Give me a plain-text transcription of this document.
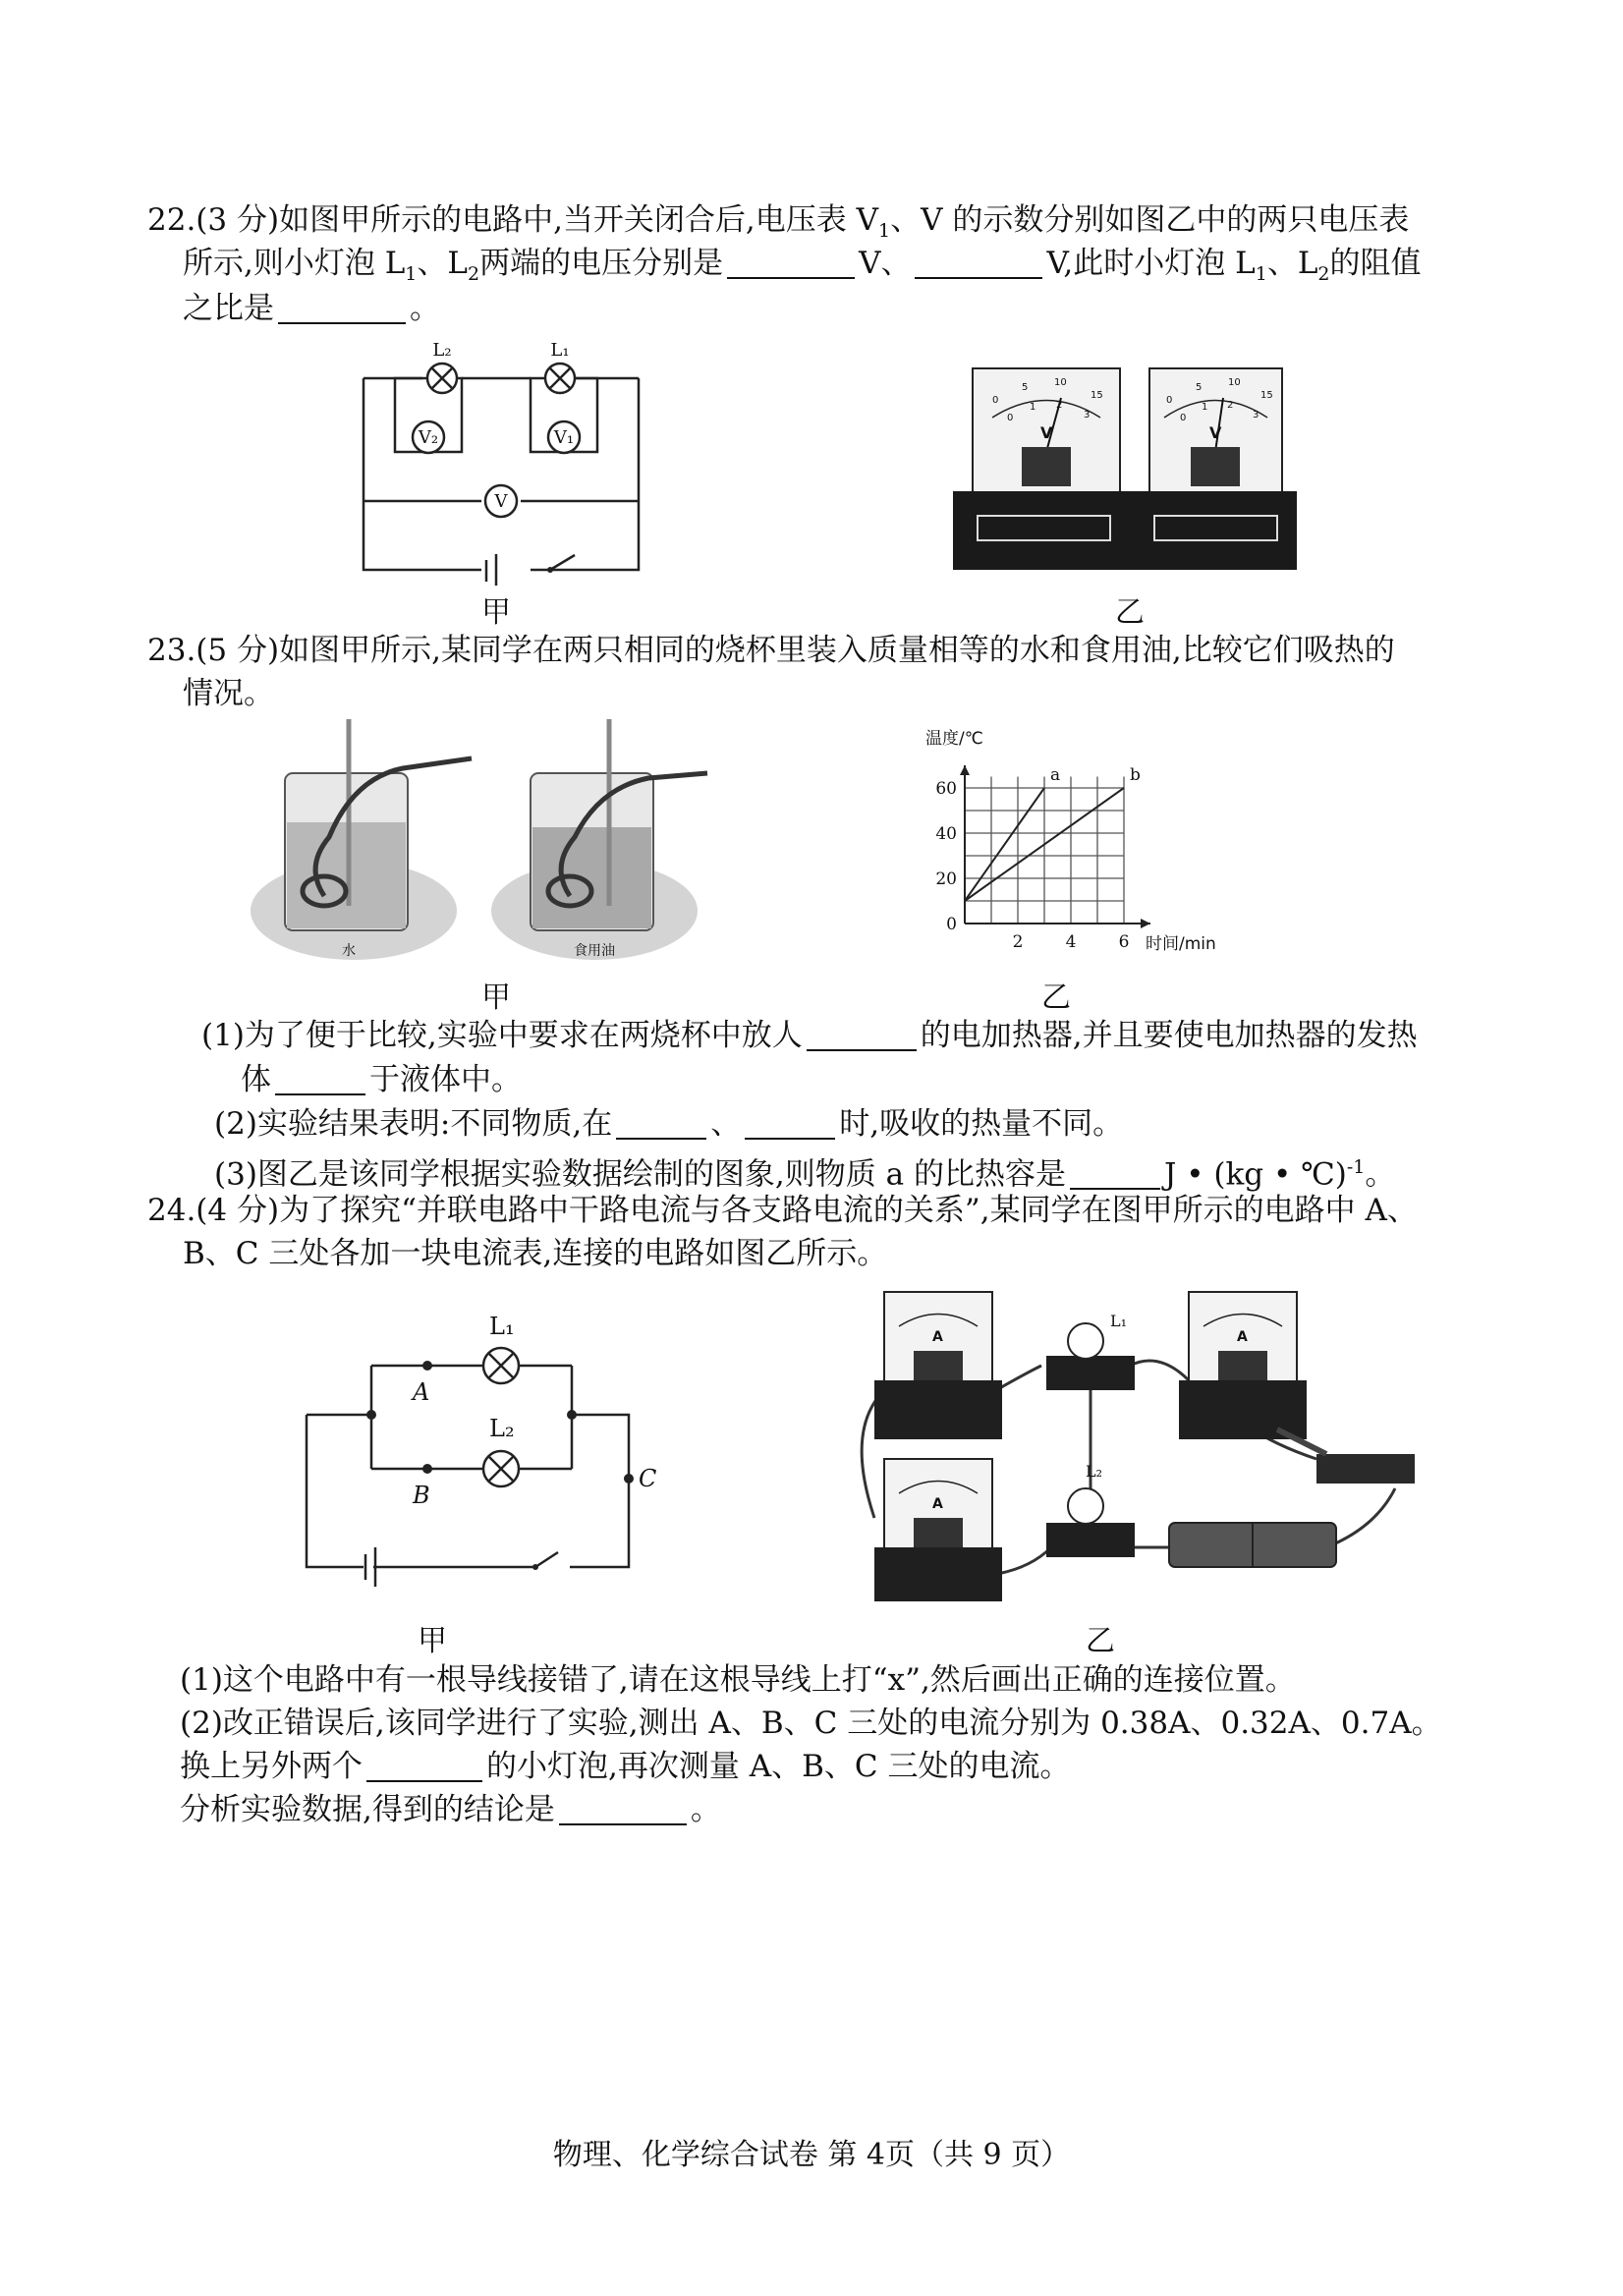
22.(3 分)如图甲所示的电路中,当开关闭合后,电压表 $V_1$、V 的示数分别如图乙中的两只电压表
所示,则小灯泡 $L_1$、$L_2$两端的电压分别是	V、	V,此时小灯泡 $L_1$、$L_2$的阻值
之比是	。
L₂	L₁
V₂	V₁
V
甲
0
5	10
15
0
1 2
3
0
5	10
15
0
1 2
3
V	V
乙
23.(5 分)如图甲所示,某同学在两只相同的烧杯里装入质量相等的水和食用油,比较它们吸热的
情况。
水	食用油
甲
a	b
20
40
60
0
2	4	6
温度/℃
时间/min
乙
(1)为了便于比较,实验中要求在两烧杯中放人	的电加热器,并且要使电加热器的发热
体	于液体中。
(2)实验结果表明:不同物质,在	、	时,吸收的热量不同。
(3)图乙是该同学根据实验数据绘制的图象,则物质 a 的比热容是	J • (kg • ℃)$^{-1}$。
24.(4 分)为了探究“并联电路中干路电流与各支路电流的关系”,某同学在图甲所示的电路中 A、
B、C 三处各加一块电流表,连接的电路如图乙所示。
L₁
L₂
A
B
C
甲
A	A
A
L₁
L₂
乙
(1)这个电路中有一根导线接错了,请在这根导线上打“x”,然后画出正确的连接位置。
(2)改正错误后,该同学进行了实验,测出 A、B、C 三处的电流分别为 0.38A、0.32A、0.7A。
换上另外两个	的小灯泡,再次测量 A、B、C 三处的电流。
分析实验数据,得到的结论是	。
物理、化学综合试卷 第 4页（共 9 页）
